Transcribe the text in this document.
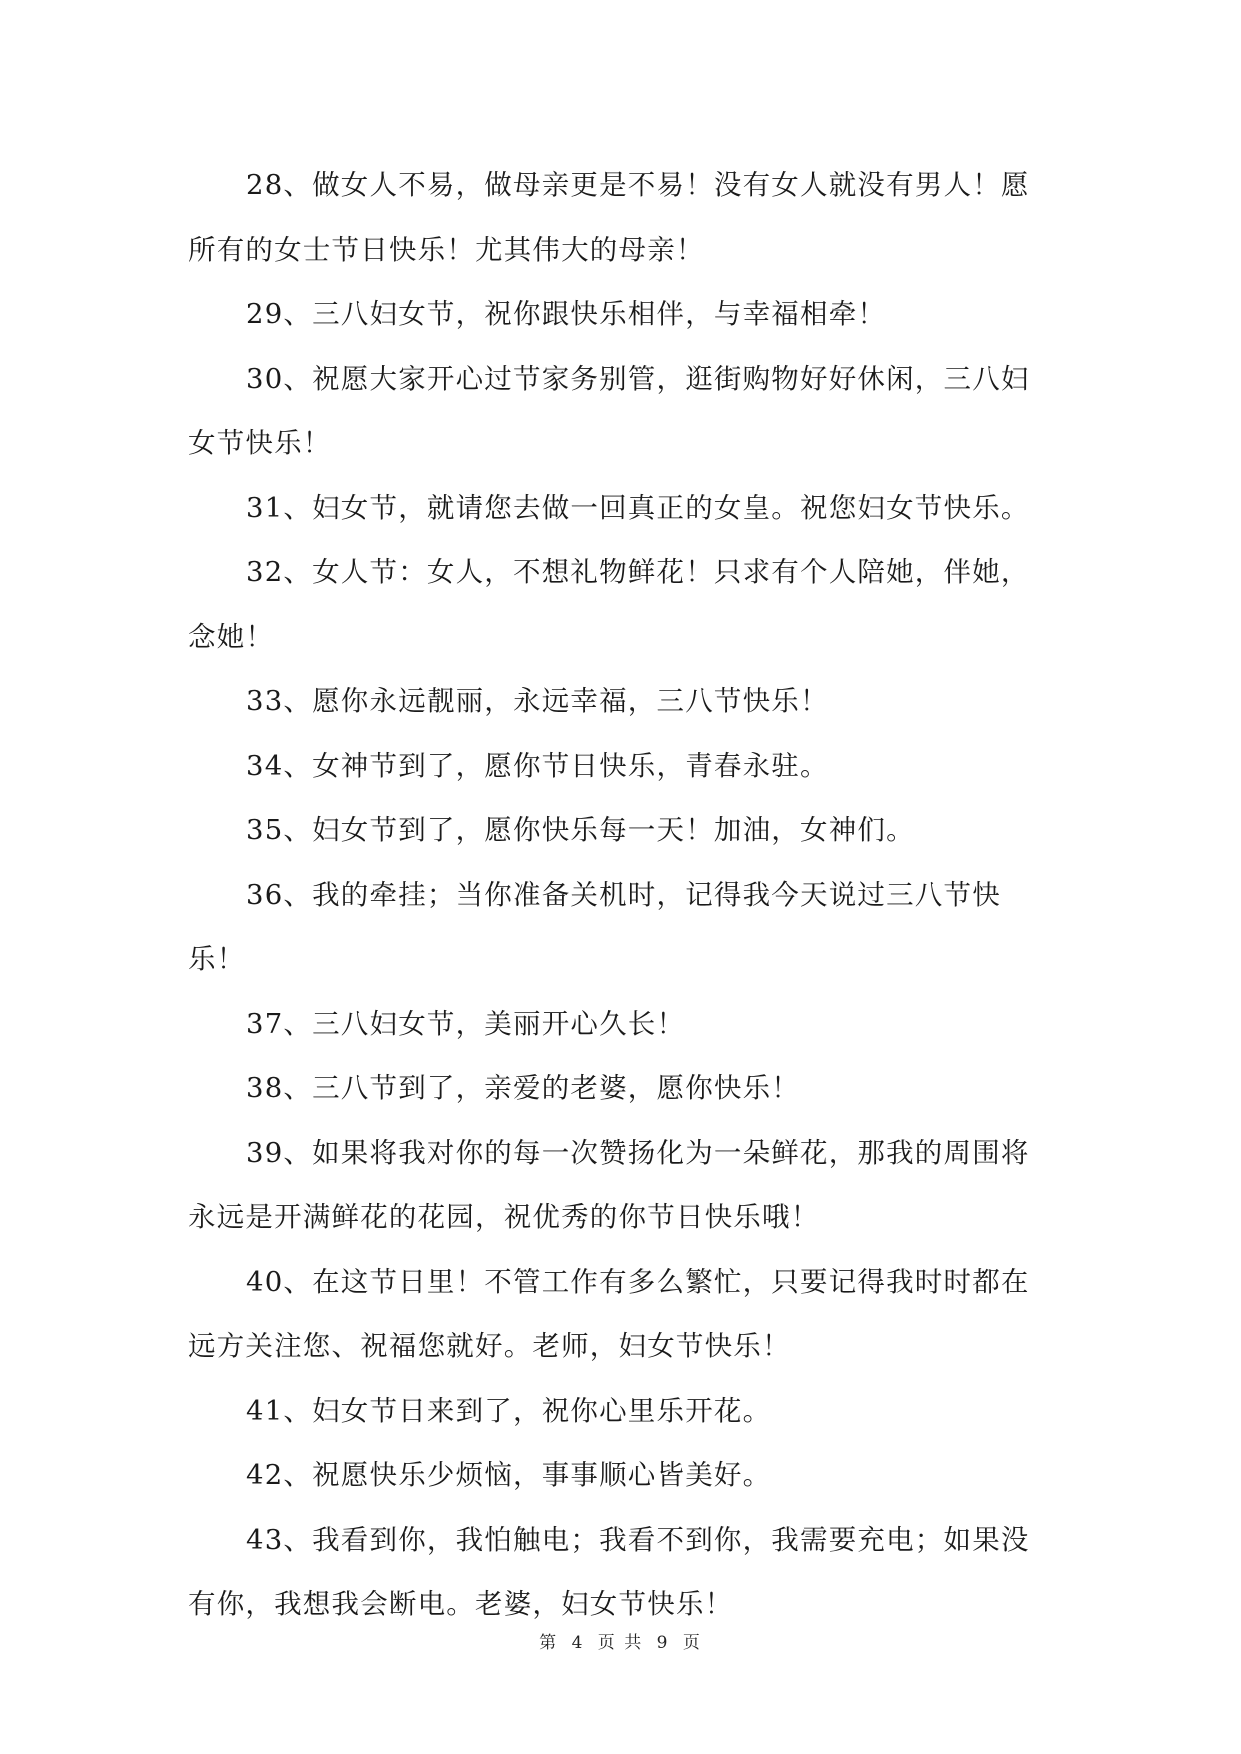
28、做女人不易，做母亲更是不易！没有女人就没有男人！愿所有的女士节日快乐！尤其伟大的母亲！

29、三八妇女节，祝你跟快乐相伴，与幸福相牵！

30、祝愿大家开心过节家务别管，逛街购物好好休闲，三八妇女节快乐！

31、妇女节，就请您去做一回真正的女皇。祝您妇女节快乐。

32、女人节：女人，不想礼物鲜花！只求有个人陪她，伴她，念她！

33、愿你永远靓丽，永远幸福，三八节快乐！

34、女神节到了，愿你节日快乐，青春永驻。

35、妇女节到了，愿你快乐每一天！加油，女神们。

36、我的牵挂；当你准备关机时，记得我今天说过三八节快乐！

37、三八妇女节，美丽开心久长！

38、三八节到了，亲爱的老婆，愿你快乐！

39、如果将我对你的每一次赞扬化为一朵鲜花，那我的周围将永远是开满鲜花的花园，祝优秀的你节日快乐哦！

40、在这节日里！不管工作有多么繁忙，只要记得我时时都在远方关注您、祝福您就好。老师，妇女节快乐！

41、妇女节日来到了，祝你心里乐开花。

42、祝愿快乐少烦恼，事事顺心皆美好。

43、我看到你，我怕触电；我看不到你，我需要充电；如果没有你，我想我会断电。老婆，妇女节快乐！

第 4 页 共 9 页
